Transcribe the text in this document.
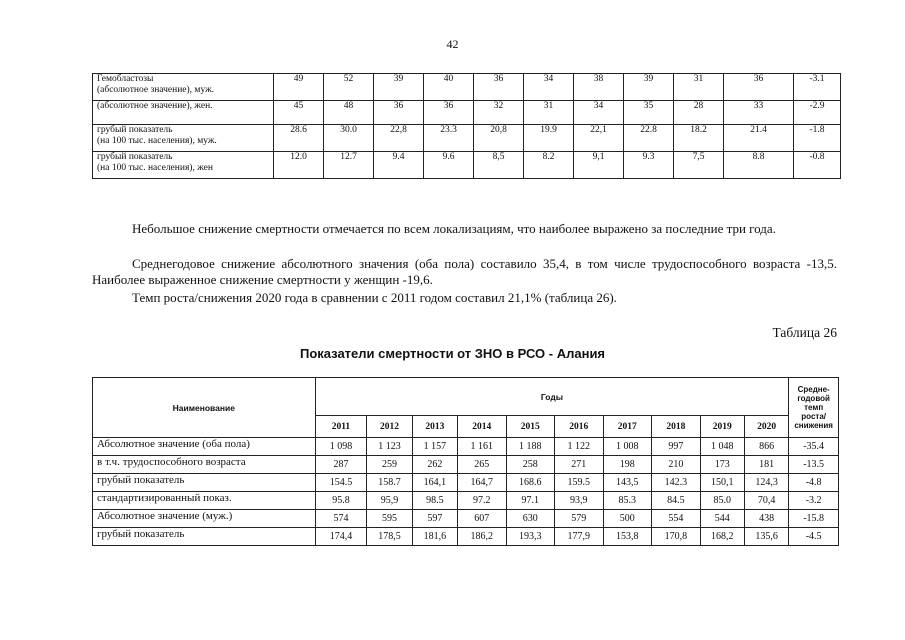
42
Гемобластозы
(абсолютное значение), муж.	49	52	39	40	36	34	38	39	31	36	-3.1	

(абсолютное значение), жен.	45	48	36	36	32	31	34	35	28	33	-2.9	

грубый показатель
(на 100 тыс. населения), муж.	28.6	30.0	22,8	23.3	20,8	19.9	22,1	22.8	18.2	21.4	-1.8	

грубый показатель
(на 100 тыс. населения), жен	12.0	12.7	9.4	9.6	8,5	8.2	9,1	9.3	7,5	8.8	-0.8	
Небольшое снижение смертности отмечается по всем локализациям, что наиболее выражено за последние три года.
Среднегодовое снижение абсолютного значения (оба пола) составило 35,4, в том числе трудоспособного возраста -13,5. Наиболее выраженное снижение смертности у женщин -19,6.
Темп роста/снижения 2020 года в сравнении с 2011 годом составил 21,1% (таблица 26).
Таблица 26
Показатели смертности от ЗНО в РСО - Алания
Наименование	Годы										Средне-
годовой
темп
роста/
снижения

	2011	2012	2013	2014	2015	2016	2017	2018	2019	2020	
Абсолютное значение (оба пола)	1 098	1 123	1 157	1 161	1 188	1 122	1 008	997	1 048	866	-35.4
в т.ч. трудоспособного возраста	287	259	262	265	258	271	198	210	173	181	-13.5
грубый показатель	154.5	158.7	164,1	164,7	168.6	159.5	143,5	142.3	150,1	124,3	-4.8
стандартизированный показ.	95.8	95,9	98.5	97.2	97.1	93,9	85.3	84.5	85.0	70,4	-3.2
Абсолютное значение (муж.)	574	595	597	607	630	579	500	554	544	438	-15.8
грубый показатель	174,4	178,5	181,6	186,2	193,3	177,9	153,8	170,8	168,2	135,6	-4.5
